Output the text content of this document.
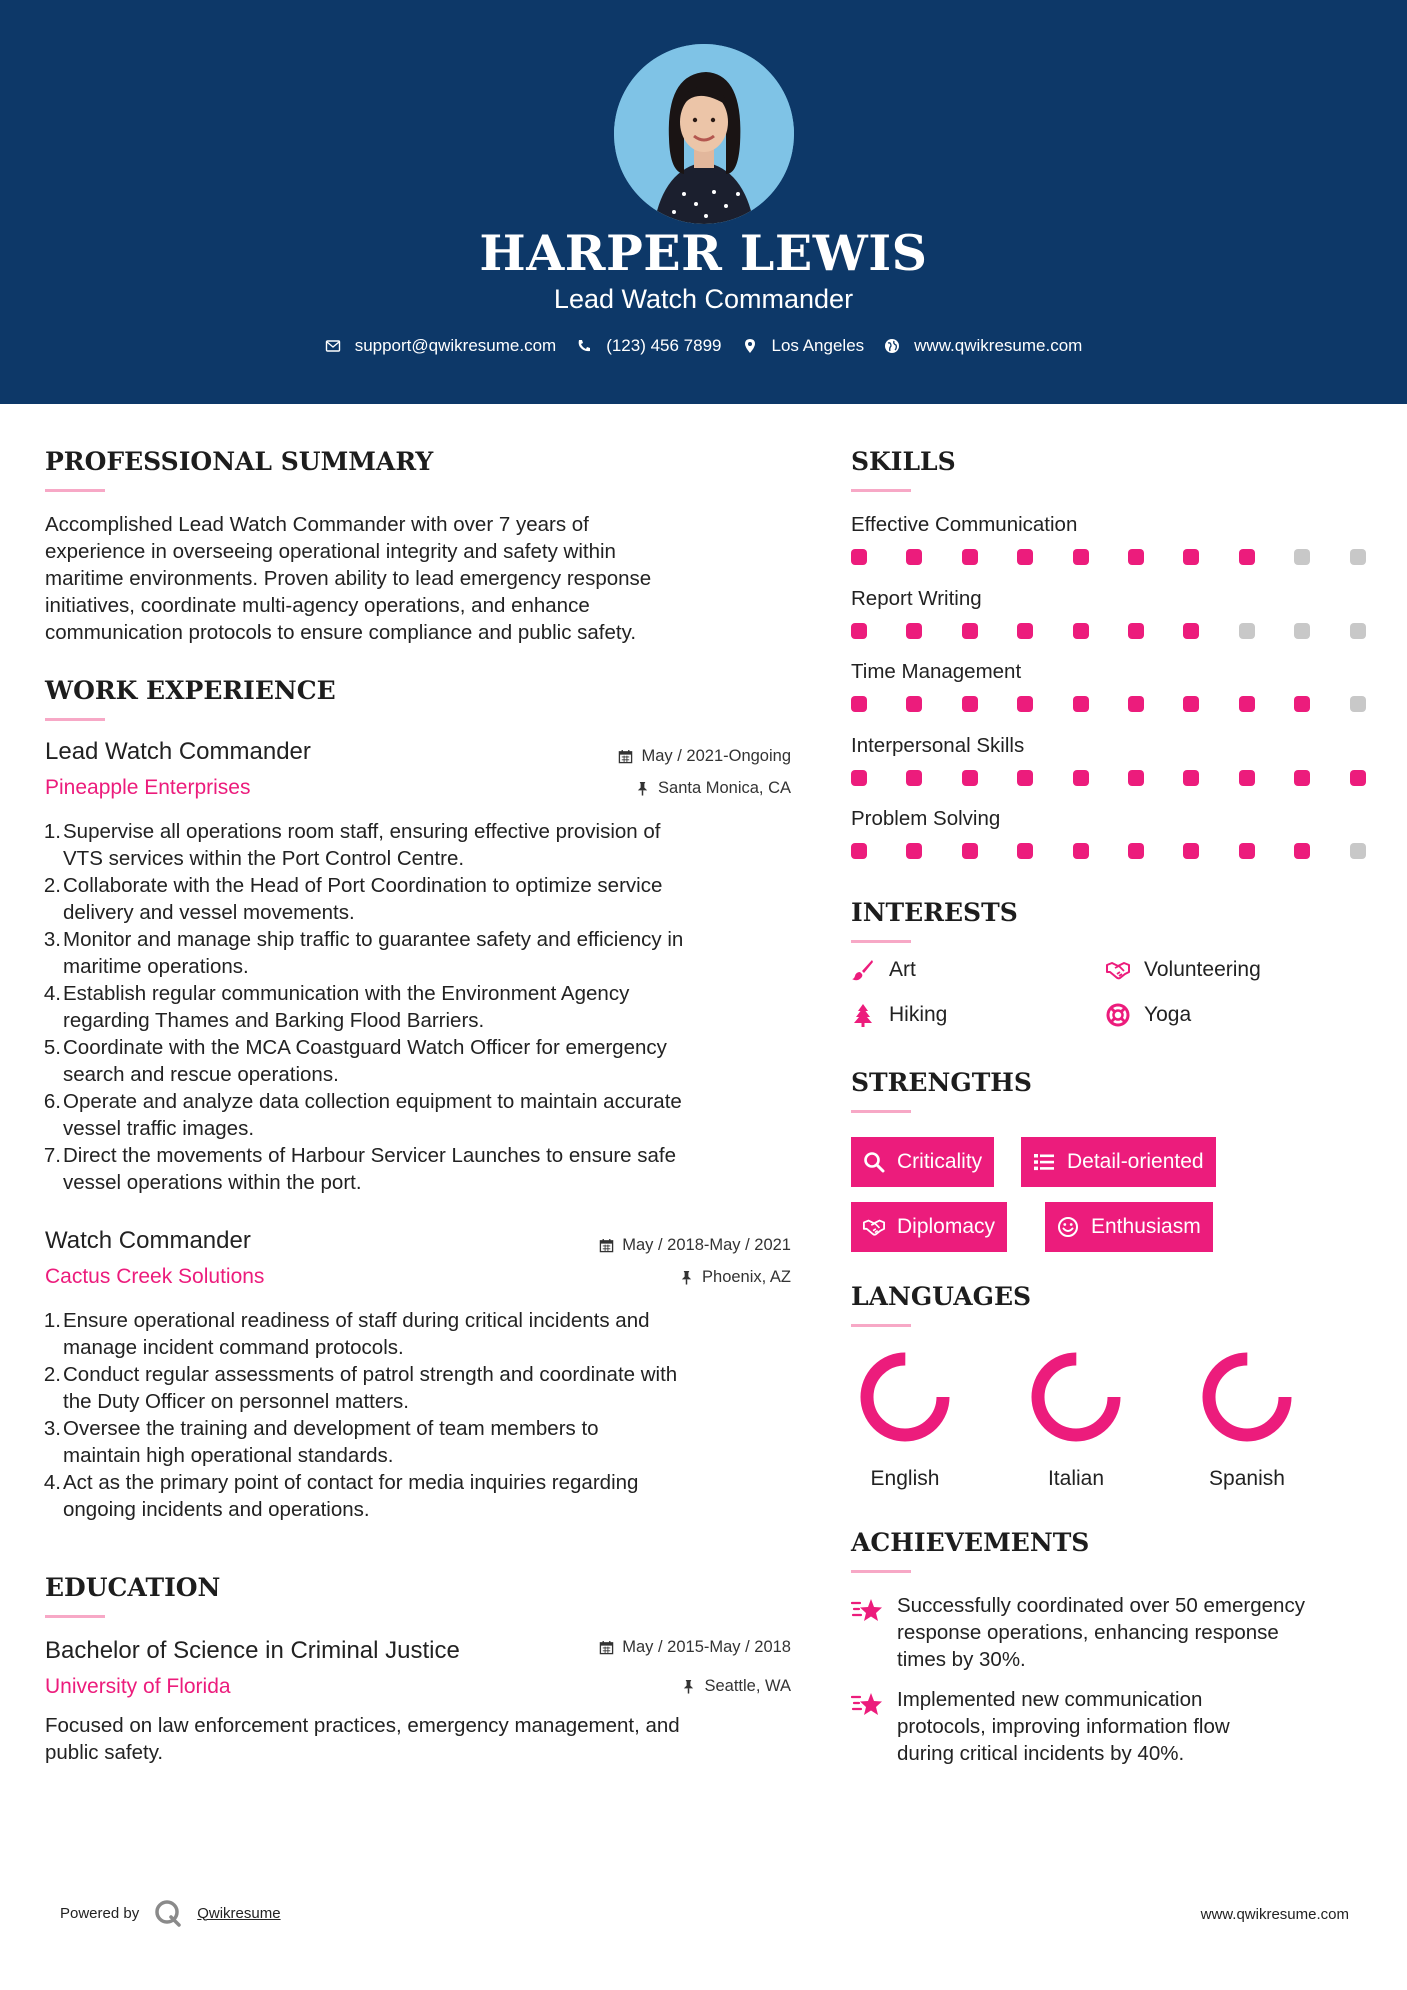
HARPER LEWIS
Lead Watch Commander
support@qwikresume.com	(123) 456 7899	Los Angeles	www.qwikresume.com
PROFESSIONAL SUMMARY
Accomplished Lead Watch Commander with over 7 years of
experience in overseeing operational integrity and safety within
maritime environments. Proven ability to lead emergency response
initiatives, coordinate multi-agency operations, and enhance
communication protocols to ensure compliance and public safety.
WORK EXPERIENCE
Lead Watch Commander
Pineapple Enterprises
May / 2021-Ongoing
Santa Monica, CA
1. Supervise all operations room staff, ensuring effective provision of
VTS services within the Port Control Centre.
2. Collaborate with the Head of Port Coordination to optimize service
delivery and vessel movements.
3. Monitor and manage ship traffic to guarantee safety and efficiency in
maritime operations.
4. Establish regular communication with the Environment Agency
regarding Thames and Barking Flood Barriers.
5. Coordinate with the MCA Coastguard Watch Officer for emergency
search and rescue operations.
6. Operate and analyze data collection equipment to maintain accurate
vessel traffic images.
7. Direct the movements of Harbour Servicer Launches to ensure safe
vessel operations within the port.
Watch Commander
Cactus Creek Solutions
May / 2018-May / 2021
Phoenix, AZ
1. Ensure operational readiness of staff during critical incidents and
manage incident command protocols.
2. Conduct regular assessments of patrol strength and coordinate with
the Duty Officer on personnel matters.
3. Oversee the training and development of team members to
maintain high operational standards.
4. Act as the primary point of contact for media inquiries regarding
ongoing incidents and operations.
EDUCATION
Bachelor of Science in Criminal Justice
University of Florida
May / 2015-May / 2018
Seattle, WA
Focused on law enforcement practices, emergency management, and
public safety.
SKILLS
Effective Communication
Report Writing
Time Management
Interpersonal Skills
Problem Solving
INTERESTS
Art	Volunteering
Hiking	Yoga
STRENGTHS
Criticality	Detail-oriented
Diplomacy	Enthusiasm
LANGUAGES
English	Italian	Spanish
ACHIEVEMENTS
Successfully coordinated over 50 emergency
response operations, enhancing response
times by 30%.
Implemented new communication
protocols, improving information flow
during critical incidents by 40%.
Powered by	Qwikresume	www.qwikresume.com
